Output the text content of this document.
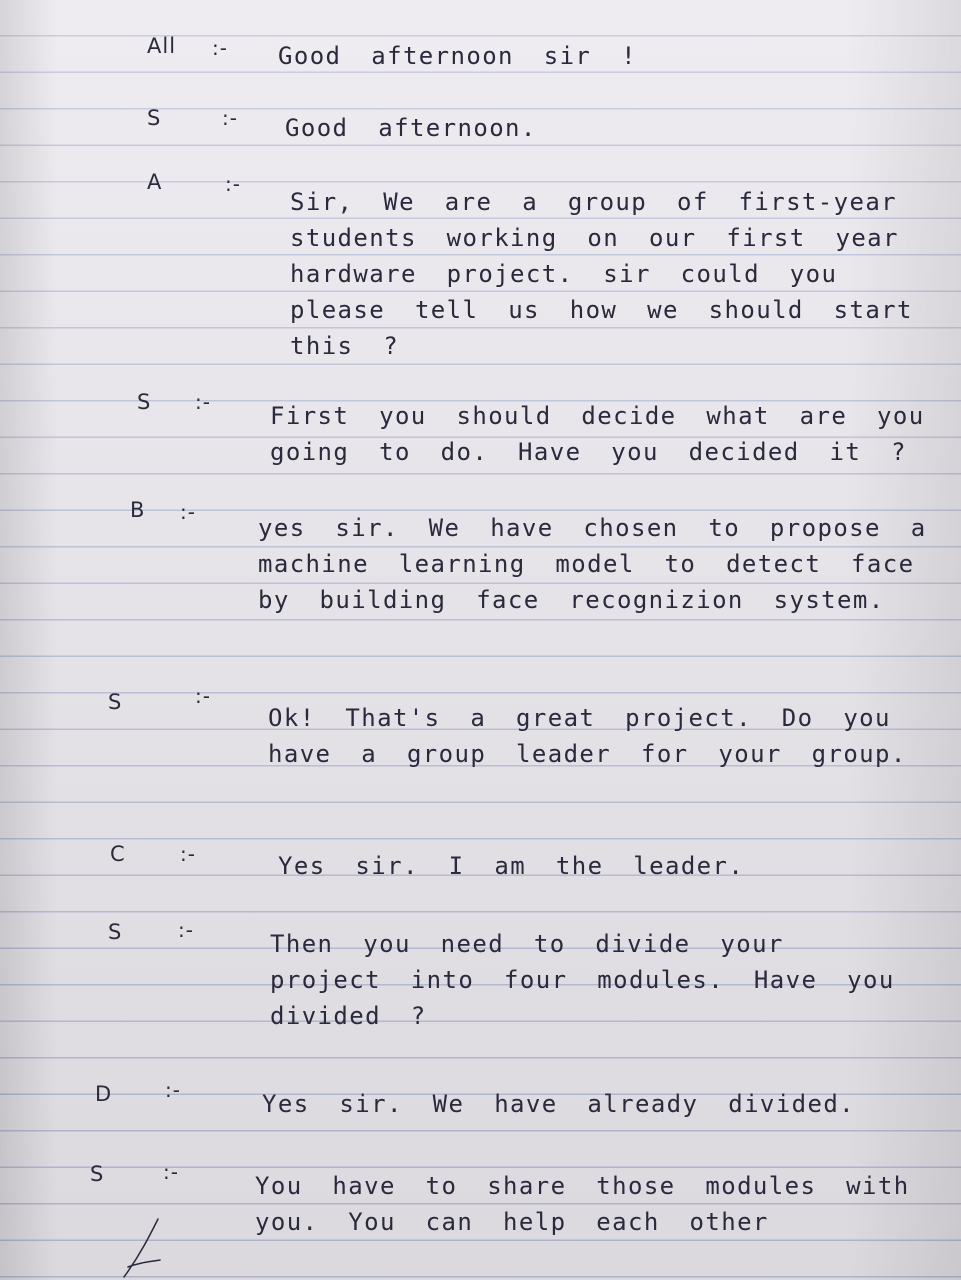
All :- Good afternoon sir !
S	:- Good afternoon.
A	:-
Sir, We are a group of first-year students working on our first year hardware project. sir could you please tell us how we should start this ?
S :- First you should decide what are you going to do. Have you decided it ?
B :-
yes sir. We have chosen to propose a machine learning model to detect face by building face recognizion system.
S	:-
Ok! That's a great project. Do you have a group leader for your group.
C	:-	Yes sir. I am the leader.
S	:-	Then you need to divide your project into four modules. Have you divided ?
D	:-	Yes sir. We have already divided.
S	:-	You have to share those modules with you. You can help each other
